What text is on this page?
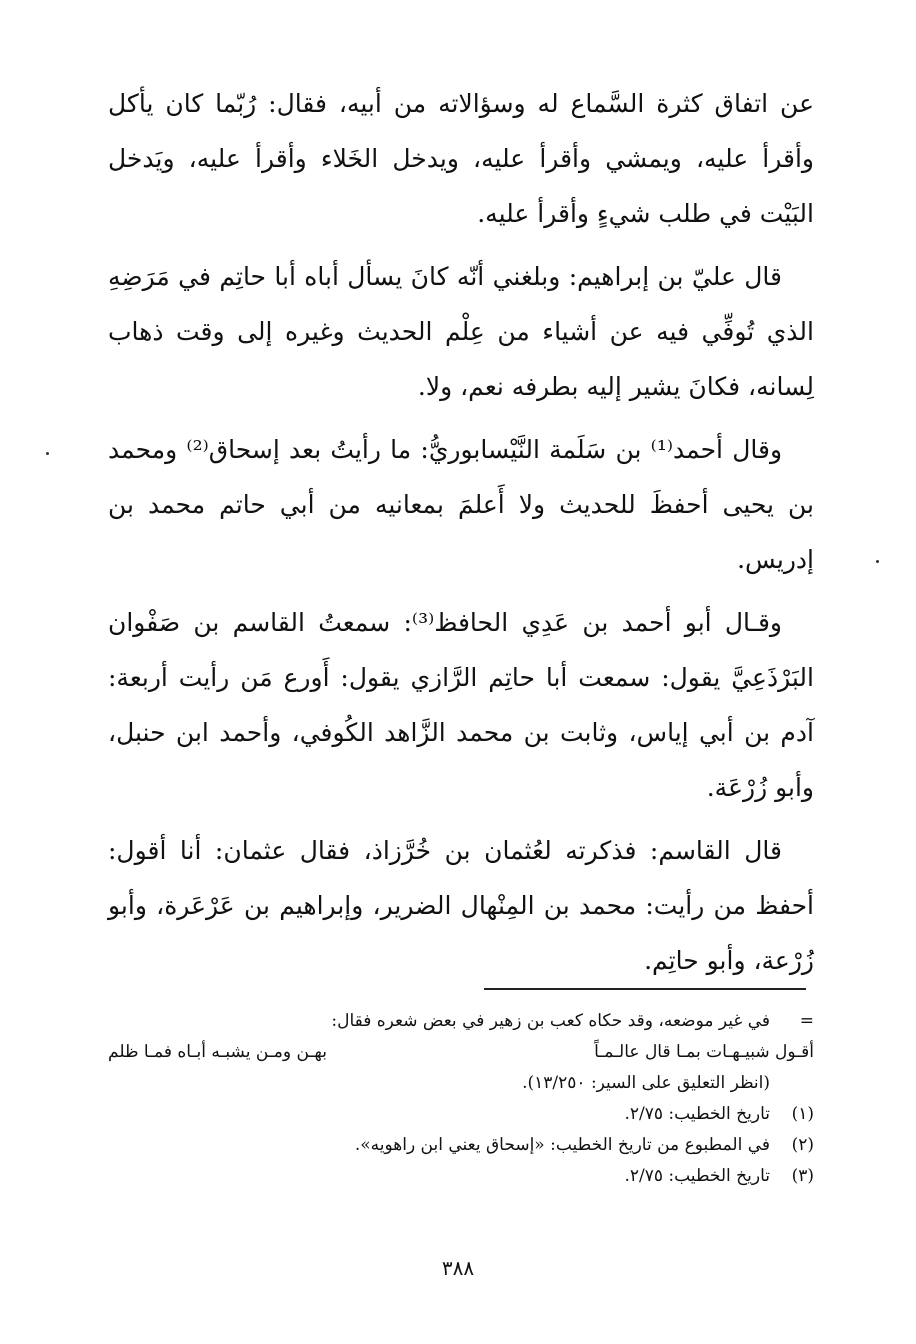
عن اتفاق كثرة السَّماع له وسؤالاته من أبيه، فقال: رُبّما كان يأكل وأقرأ عليه، ويمشي وأقرأ عليه، ويدخل الخَلاء وأقرأ عليه، ويَدخل البَيْت في طلب شيءٍ وأقرأ عليه.

قال عليّ بن إبراهيم: وبلغني أنّه كانَ يسأل أباه أبا حاتِم في مَرَضِهِ الذي تُوفِّي فيه عن أشياء من عِلْم الحديث وغيره إلى وقت ذهاب لِسانه، فكانَ يشير إليه بطرفه نعم، ولا.

وقال أحمد⁽¹⁾ بن سَلَمة النَّيْسابوريُّ: ما رأيتُ بعد إسحاق⁽²⁾ ومحمد بن يحيى أحفظَ للحديث ولا أَعلمَ بمعانيه من أبي حاتم محمد بن إدريس.

وقـال أبو أحمد بن عَدِي الحافظ⁽³⁾: سمعتُ القاسم بن صَفْوان البَرْذَعِيَّ يقول: سمعت أبا حاتِم الرَّازي يقول: أَورع مَن رأيت أربعة: آدم بن أبي إياس، وثابت بن محمد الزَّاهد الكُوفي، وأحمد ابن حنبل، وأبو زُرْعَة.

قال القاسم: فذكرته لعُثمان بن خُرَّزاذ، فقال عثمان: أنا أقول: أحفظ من رأيت: محمد بن المِنْهال الضرير، وإبراهيم بن عَرْعَرة، وأبو زُرْعة، وأبو حاتِم.

=
في غير موضعه، وقد حكاه كعب بن زهير في بعض شعره فقال:
أقـول شبيـهـات بمـا قال عالـمـاً
بهـن ومـن يشبـه أبـاه فمـا ظلم
(انظر التعليق على السير: ١٣/٢٥٠).
(١)
تاريخ الخطيب: ٢/٧٥.
(٢)
في المطبوع من تاريخ الخطيب: «إسحاق يعني ابن راهويه».
(٣)
تاريخ الخطيب: ٢/٧٥.
٣٨٨
